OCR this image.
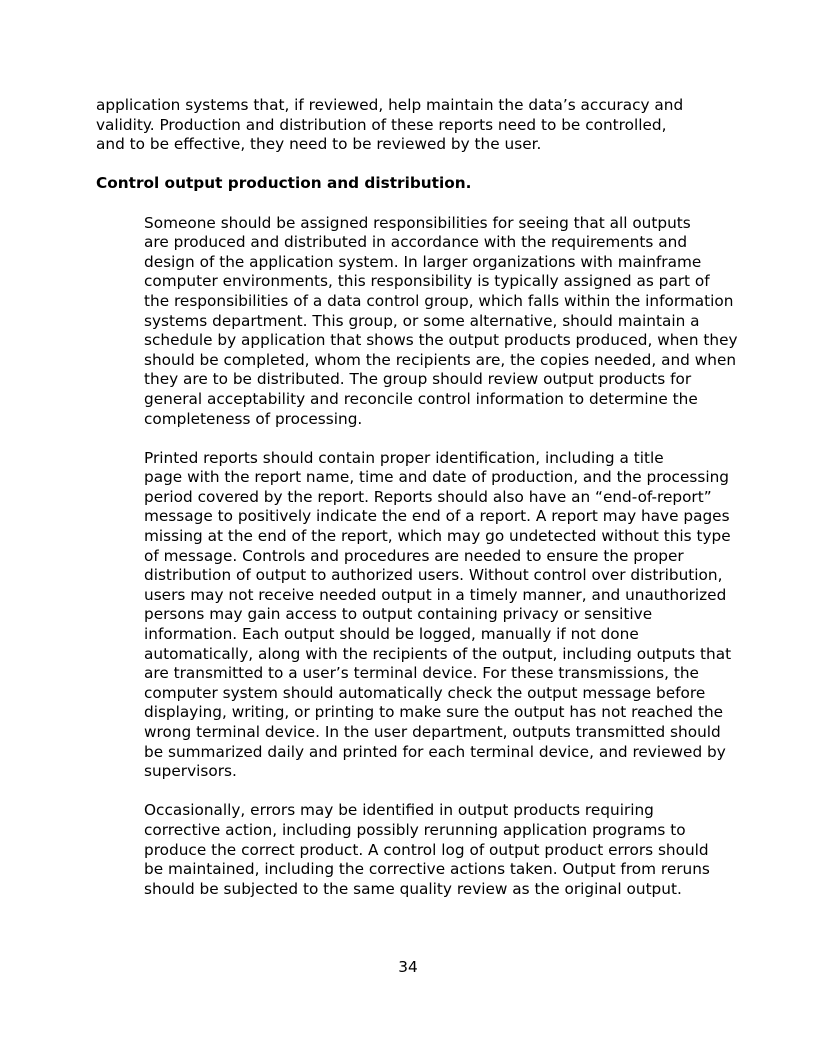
application systems that, if reviewed, help maintain the data’s accuracy and
validity. Production and distribution of these reports need to be controlled,
and to be effective, they need to be reviewed by the user.

Control output production and distribution.

Someone should be assigned responsibilities for seeing that all outputs
are produced and distributed in accordance with the requirements and
design of the application system. In larger organizations with mainframe
computer environments, this responsibility is typically assigned as part of
the responsibilities of a data control group, which falls within the information
systems department. This group, or some alternative, should maintain a
schedule by application that shows the output products produced, when they
should be completed, whom the recipients are, the copies needed, and when
they are to be distributed. The group should review output products for
general acceptability and reconcile control information to determine the
completeness of processing.

Printed reports should contain proper identification, including a title
page with the report name, time and date of production, and the processing
period covered by the report. Reports should also have an “end-of-report”
message to positively indicate the end of a report. A report may have pages
missing at the end of the report, which may go undetected without this type
of message. Controls and procedures are needed to ensure the proper
distribution of output to authorized users. Without control over distribution,
users may not receive needed output in a timely manner, and unauthorized
persons may gain access to output containing privacy or sensitive
information. Each output should be logged, manually if not done
automatically, along with the recipients of the output, including outputs that
are transmitted to a user’s terminal device. For these transmissions, the
computer system should automatically check the output message before
displaying, writing, or printing to make sure the output has not reached the
wrong terminal device. In the user department, outputs transmitted should
be summarized daily and printed for each terminal device, and reviewed by
supervisors.

Occasionally, errors may be identified in output products requiring
corrective action, including possibly rerunning application programs to
produce the correct product. A control log of output product errors should
be maintained, including the corrective actions taken. Output from reruns
should be subjected to the same quality review as the original output.

34
